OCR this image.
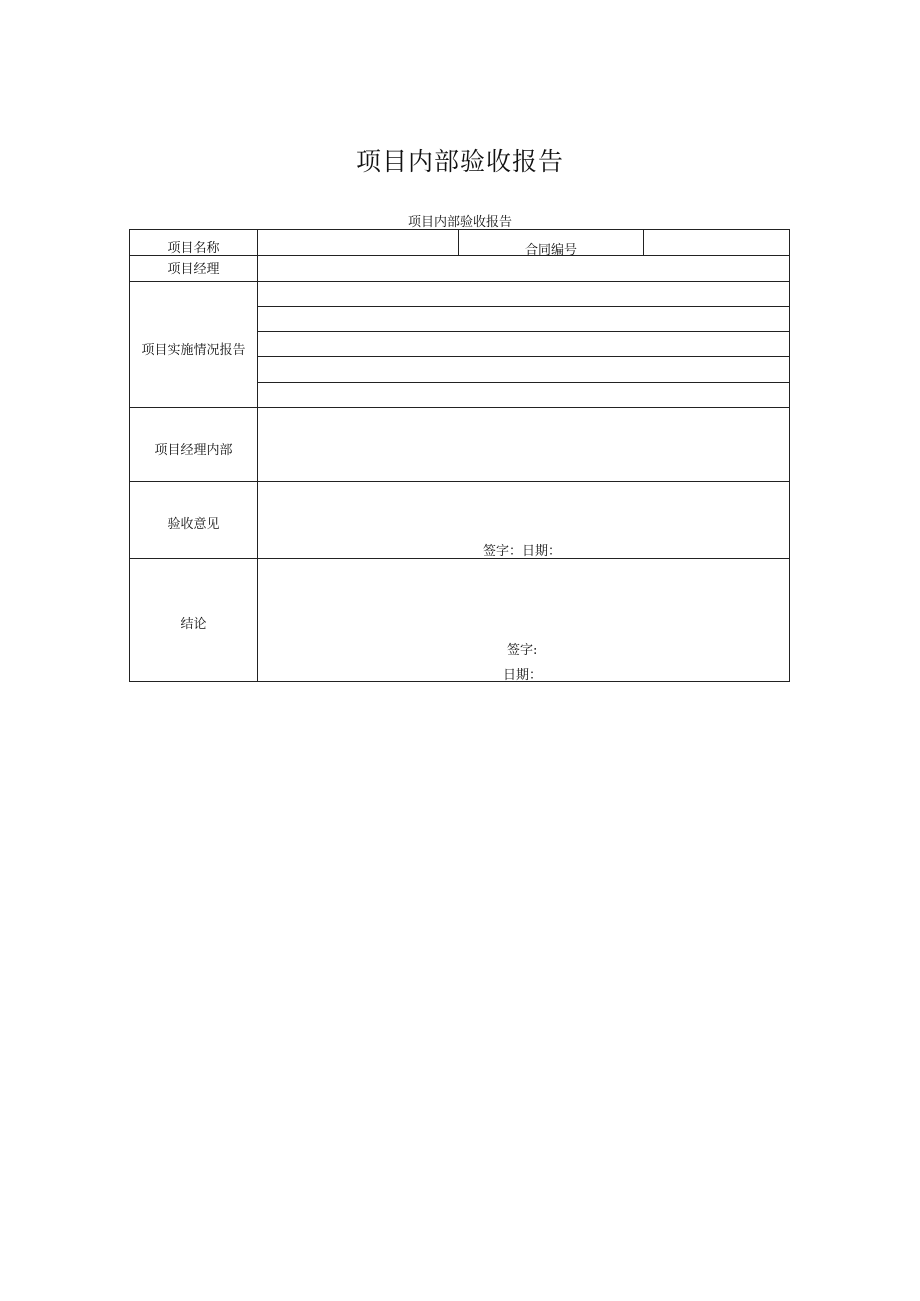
项目内部验收报告
项目内部验收报告
项目名称	合同编号
项目经理
项目实施情况报告
项目经理内部
验收意见
签字：日期：
结论
签字:
日期：
